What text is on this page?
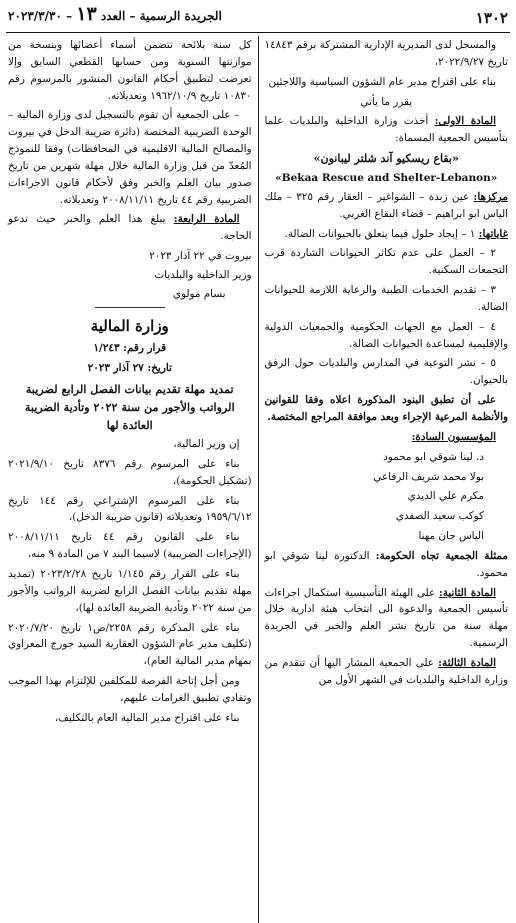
١٣٠٢
الجريدة الرسمية – العدد ١٣ – ٢٠٢٣/٣/٣٠

والمسجل لدى المديرية الإدارية المشتركة برقم ١٤٨٤٣ تاريخ ٢٠٢٢/٩/٢٧،

بناء على اقتراح مدير عام الشؤون السياسية واللاجئين

يقرر ما يأتي

المادة الاولى: أخذت وزارة الداخلية والبلديات علما بتأسيس الجمعية المسماة:

«بقاع ريسكيو آند شلتر ليبانون»
«Bekaa Rescue and Shelter-Lebanon»

مركزها: عين زبدة – الشواغير – العقار رقم ٣٢٥ – ملك الياس ابو ابراهيم – قضاء البقاع الغربي.

غاياتها: ١ – إيجاد حلول فيما يتعلق بالحيوانات الضالة.

٢ – العمل على عدم تكاثر الحيوانات الشاردة قرب التجمعات السكنية.

٣ – تقديم الخدمات الطبية والرعاية اللازمة للحيوانات الضالة.

٤ – العمل مع الجهات الحكومية والجمعيات الدولية والإقليمية لمساعدة الحيوانات الضالة.

٥ – نشر التوعية في المدارس والبلديات حول الرفق بالحيوان.

على أن تطبق البنود المذكورة اعلاه وفقا للقوانين والأنظمة المرعية الإجراء وبعد موافقة المراجع المختصة.

المؤسسون السادة:

د. لينا شوقي ابو محمود

بولا محمد شريف الرفاعي

مكرم علي الديدي

كوكب سعيد الصفدي

الياس جان مهنا

ممثلة الجمعية تجاه الحكومة: الدكتورة لينا شوقي ابو محمود.

المادة الثانية: على الهيئة التأسيسية استكمال اجراءات تأسيس الجمعية والدعوة الى انتخاب هيئة ادارية خلال مهلة سنة من تاريخ نشر العلم والخبر في الجريدة الرسمية.

المادة الثالثة: على الجمعية المشار اليها أن تتقدم من وزارة الداخلية والبلديات في الشهر الأول من

كل سنة بلائحة تتضمن أسماء أعضائها وبنسخة من موازنتها السنوية ومن حسابها القطعي السابق وإلا تعرضت لتطبيق أحكام القانون المنشور بالمرسوم رقم ١٠٨٣٠ تاريخ ١٩٦٢/١٠/٩ وتعديلاته.

– على الجمعية أن تقوم بالتسجيل لدى وزارة المالية – الوحدة الضريبية المختصة (دائرة ضريبة الدخل في بيروت والمصالح المالية الاقليمية في المحافظات) وفقا للنموذج المُعدّ من قبل وزارة المالية خلال مهلة شهرين من تاريخ صدور بيان العلم والخبر وفق لأحكام قانون الاجراءات الضريبية رقم ٤٤ تاريخ ٢٠٠٨/١١/١١ وتعديلاته.

المادة الرابعة: يبلغ هذا العلم والخبر حيث تدعو الحاجة.

بيروت في ٢٢ آذار ٢٠٢٣

وزير الداخلية والبلديات

بسام مولوي

وزارة المالية

قرار رقم: ١/٢٤٣

تاريخ: ٢٧ آذار ٢٠٢٣

تمديد مهلة تقديم بيانات الفصل الرابع لضريبة الرواتب والأجور من سنة ٢٠٢٢ وتأدية الضريبة العائدة لها

إن وزير المالية،

بناء على المرسوم رقم ٨٣٧٦ تاريخ ٢٠٢١/٩/١٠ (تشكيل الحكومة)،

بناء على المرسوم الإشتراعي رقم ١٤٤ تاريخ ١٩٥٩/٦/١٢ وتعديلاته (قانون ضريبة الدخل)،

بناء على القانون رقم ٤٤ تاريخ ٢٠٠٨/١١/١١ (الإجراءات الضريبية) لاسيما البند ٧ من المادة ٩ منه،

بناء على القرار رقم ١/١٤٥ تاريخ ٢٠٢٣/٢/٢٨ (تمديد مهلة تقديم بيانات الفصل الرابع لضريبة الرواتب والأجور من سنة ٢٠٢٢ وتأدية الضريبة العائدة لها)،

بناء على المذكرة رقم ٢٢٥٨/ص١ تاريخ ٢٠٢٠/٧/٢٠ (تكليف مدير عام الشؤون العقارية السيد جورج المعراوي بمهام مدير المالية العام)،

ومن أجل إتاحة الفرصة للمكلفين للإلتزام بهذا الموجب وتفادي تطبيق الغرامات عليهم،

بناء على اقتراح مدير المالية العام بالتكليف،
